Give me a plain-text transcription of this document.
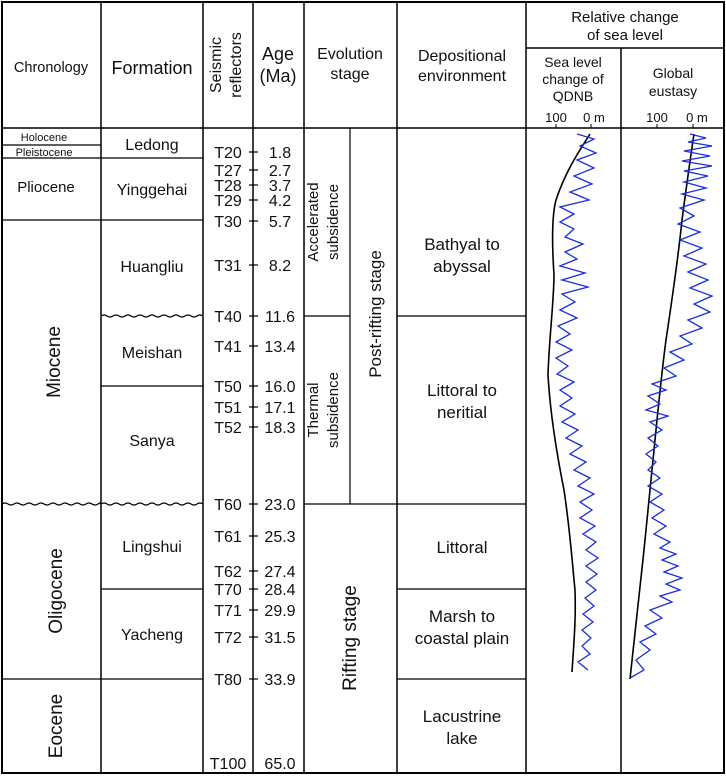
Chronology Formation Seismic reflectors Age
(Ma)
Evolution
stage
Depositional
environment
Relative change
of sea level
Sea level
change of
QDNB
Global
eustasy
100 0 m	100 0 m
Holocene
Pleistocene
Pliocene
Miocene
Oligocene
Eocene
Ledong
Yinggehai
Huangliu
Meishan
Sanya
Lingshui
Yacheng
T20 1.8
T27 2.7
T28 3.7
T29 4.2
T30 5.7
T31 8.2
T40 11.6
T41 13.4
T50 16.0
T51 17.1
T52 18.3
T60 23.0
T61 25.3
T62 27.4
T70 28.4
T71 29.9
T72 31.5
T80 33.9
T100 65.0
Accelerated subsidence
Thermal subsidence
Post-rifting stage
Rifting stage
Bathyal to
abyssal
Littoral to
neritial
Littoral
Marsh to
coastal plain
Lacustrine
lake
